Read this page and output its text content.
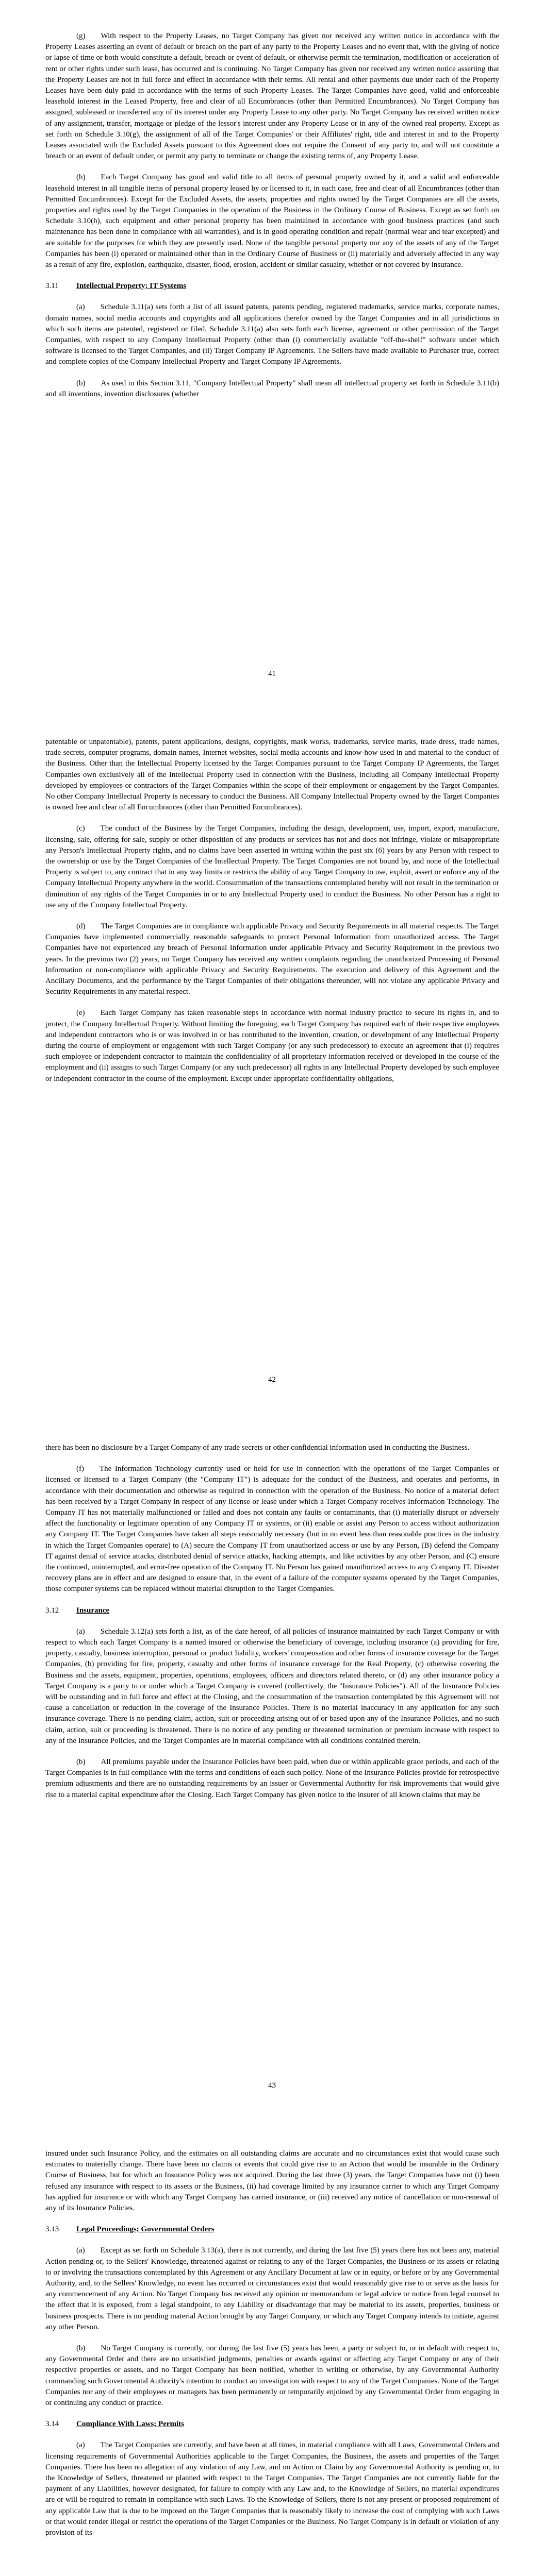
(g)  With respect to the Property Leases, no Target Company has given nor received any written notice in accordance with the Property Leases asserting an event of default or breach on the part of any party to the Property Leases and no event that, with the giving of notice or lapse of time or both would constitute a default, breach or event of default, or otherwise permit the termination, modification or acceleration of rent or other rights under such lease, has occurred and is continuing. No Target Company has given nor received any written notice asserting that the Property Leases are not in full force and effect in accordance with their terms. All rental and other payments due under each of the Property Leases have been duly paid in accordance with the terms of such Property Leases. The Target Companies have good, valid and enforceable leasehold interest in the Leased Property, free and clear of all Encumbrances (other than Permitted Encumbrances). No Target Company has assigned, subleased or transferred any of its interest under any Property Lease to any other party. No Target Company has received written notice of any assignment, transfer, mortgage or pledge of the lessor's interest under any Property Lease or in any of the owned real property. Except as set forth on Schedule 3.10(g), the assignment of all of the Target Companies' or their Affiliates' right, title and interest in and to the Property Leases associated with the Excluded Assets pursuant to this Agreement does not require the Consent of any party to, and will not constitute a breach or an event of default under, or permit any party to terminate or change the existing terms of, any Property Lease.

(h)  Each Target Company has good and valid title to all items of personal property owned by it, and a valid and enforceable leasehold interest in all tangible items of personal property leased by or licensed to it, in each case, free and clear of all Encumbrances (other than Permitted Encumbrances). Except for the Excluded Assets, the assets, properties and rights owned by the Target Companies are all the assets, properties and rights used by the Target Companies in the operation of the Business in the Ordinary Course of Business. Except as set forth on Schedule 3.10(h), such equipment and other personal property has been maintained in accordance with good business practices (and such maintenance has been done in compliance with all warranties), and is in good operating condition and repair (normal wear and tear excepted) and are suitable for the purposes for which they are presently used. None of the tangible personal property nor any of the assets of any of the Target Companies has been (i) operated or maintained other than in the Ordinary Course of Business or (ii) materially and adversely affected in any way as a result of any fire, explosion, earthquake, disaster, flood, erosion, accident or similar casualty, whether or not covered by insurance.

3.11 Intellectual Property; IT Systems

(a)  Schedule 3.11(a) sets forth a list of all issued patents, patents pending, registered trademarks, service marks, corporate names, domain names, social media accounts and copyrights and all applications therefor owned by the Target Companies and in all jurisdictions in which such items are patented, registered or filed. Schedule 3.11(a) also sets forth each license, agreement or other permission of the Target Companies, with respect to any Company Intellectual Property (other than (i) commercially available "off-the-shelf" software under which software is licensed to the Target Companies, and (ii) Target Company IP Agreements. The Sellers have made available to Purchaser true, correct and complete copies of the Company Intellectual Property and Target Company IP Agreements.

(b)  As used in this Section 3.11, "Company Intellectual Property" shall mean all intellectual property set forth in Schedule 3.11(b) and all inventions, invention disclosures (whether

41

patentable or unpatentable), patents, patent applications, designs, copyrights, mask works, trademarks, service marks, trade dress, trade names, trade secrets, computer programs, domain names, Internet websites, social media accounts and know-how used in and material to the conduct of the Business. Other than the Intellectual Property licensed by the Target Companies pursuant to the Target Company IP Agreements, the Target Companies own exclusively all of the Intellectual Property used in connection with the Business, including all Company Intellectual Property developed by employees or contractors of the Target Companies within the scope of their employment or engagement by the Target Companies. No other Company Intellectual Property is necessary to conduct the Business. All Company Intellectual Property owned by the Target Companies is owned free and clear of all Encumbrances (other than Permitted Encumbrances).

(c)  The conduct of the Business by the Target Companies, including the design, development, use, import, export, manufacture, licensing, sale, offering for sale, supply or other disposition of any products or services has not and does not infringe, violate or misappropriate any Person's Intellectual Property rights, and no claims have been asserted in writing within the past six (6) years by any Person with respect to the ownership or use by the Target Companies of the Intellectual Property. The Target Companies are not bound by, and none of the Intellectual Property is subject to, any contract that in any way limits or restricts the ability of any Target Company to use, exploit, assert or enforce any of the Company Intellectual Property anywhere in the world. Consummation of the transactions contemplated hereby will not result in the termination or diminution of any rights of the Target Companies in or to any Intellectual Property used to conduct the Business. No other Person has a right to use any of the Company Intellectual Property.

(d)  The Target Companies are in compliance with applicable Privacy and Security Requirements in all material respects. The Target Companies have implemented commercially reasonable safeguards to protect Personal Information from unauthorized access. The Target Companies have not experienced any breach of Personal Information under applicable Privacy and Security Requirement in the previous two years. In the previous two (2) years, no Target Company has received any written complaints regarding the unauthorized Processing of Personal Information or non-compliance with applicable Privacy and Security Requirements. The execution and delivery of this Agreement and the Ancillary Documents, and the performance by the Target Companies of their obligations thereunder, will not violate any applicable Privacy and Security Requirements in any material respect.

(e)  Each Target Company has taken reasonable steps in accordance with normal industry practice to secure its rights in, and to protect, the Company Intellectual Property. Without limiting the foregoing, each Target Company has required each of their respective employees and independent contractors who is or was involved in or has contributed to the invention, creation, or development of any Intellectual Property during the course of employment or engagement with such Target Company (or any such predecessor) to execute an agreement that (i) requires such employee or independent contractor to maintain the confidentiality of all proprietary information received or developed in the course of the employment and (ii) assigns to such Target Company (or any such predecessor) all rights in any Intellectual Property developed by such employee or independent contractor in the course of the employment. Except under appropriate confidentiality obligations,

42

there has been no disclosure by a Target Company of any trade secrets or other confidential information used in conducting the Business.

(f)  The Information Technology currently used or held for use in connection with the operations of the Target Companies or licensed or licensed to a Target Company (the "Company IT") is adequate for the conduct of the Business, and operates and performs, in accordance with their documentation and otherwise as required in connection with the operation of the Business. No notice of a material defect has been received by a Target Company in respect of any license or lease under which a Target Company receives Information Technology. The Company IT has not materially malfunctioned or failed and does not contain any faults or contaminants, that (i) materially disrupt or adversely affect the functionality or legitimate operation of any Company IT or systems, or (ii) enable or assist any Person to access without authorization any Company IT. The Target Companies have taken all steps reasonably necessary (but in no event less than reasonable practices in the industry in which the Target Companies operate) to (A) secure the Company IT from unauthorized access or use by any Person, (B) defend the Company IT against denial of service attacks, distributed denial of service attacks, hacking attempts, and like activities by any other Person, and (C) ensure the continued, uninterrupted, and error-free operation of the Company IT. No Person has gained unauthorized access to any Company IT. Disaster recovery plans are in effect and are designed to ensure that, in the event of a failure of the computer systems operated by the Target Companies, those computer systems can be replaced without material disruption to the Target Companies.

3.12 Insurance

(a)  Schedule 3.12(a) sets forth a list, as of the date hereof, of all policies of insurance maintained by each Target Company or with respect to which each Target Company is a named insured or otherwise the beneficiary of coverage, including insurance (a) providing for fire, property, casualty, business interruption, personal or product liability, workers' compensation and other forms of insurance coverage for the Target Companies, (b) providing for fire, property, casualty and other forms of insurance coverage for the Real Property, (c) otherwise covering the Business and the assets, equipment, properties, operations, employees, officers and directors related thereto, or (d) any other insurance policy a Target Company is a party to or under which a Target Company is covered (collectively, the "Insurance Policies"). All of the Insurance Policies will be outstanding and in full force and effect at the Closing, and the consummation of the transaction contemplated by this Agreement will not cause a cancellation or reduction in the coverage of the Insurance Policies. There is no material inaccuracy in any application for any such insurance coverage. There is no pending claim, action, suit or proceeding arising out of or based upon any of the Insurance Policies, and no such claim, action, suit or proceeding is threatened. There is no notice of any pending or threatened termination or premium increase with respect to any of the Insurance Policies, and the Target Companies are in material compliance with all conditions contained therein.

(b)  All premiums payable under the Insurance Policies have been paid, when due or within applicable grace periods, and each of the Target Companies is in full compliance with the terms and conditions of each such policy. None of the Insurance Policies provide for retrospective premium adjustments and there are no outstanding requirements by an issuer or Governmental Authority for risk improvements that would give rise to a material capital expenditure after the Closing. Each Target Company has given notice to the insurer of all known claims that may be

43

insured under such Insurance Policy, and the estimates on all outstanding claims are accurate and no circumstances exist that would cause such estimates to materially change. There have been no claims or events that could give rise to an Action that would be insurable in the Ordinary Course of Business, but for which an Insurance Policy was not acquired. During the last three (3) years, the Target Companies have not (i) been refused any insurance with respect to its assets or the Business, (ii) had coverage limited by any insurance carrier to which any Target Company has applied for insurance or with which any Target Company has carried insurance, or (iii) received any notice of cancellation or non-renewal of any of its Insurance Policies.

3.13 Legal Proceedings; Governmental Orders

(a)  Except as set forth on Schedule 3.13(a), there is not currently, and during the last five (5) years there has not been any, material Action pending or, to the Sellers' Knowledge, threatened against or relating to any of the Target Companies, the Business or its assets or relating to or involving the transactions contemplated by this Agreement or any Ancillary Document at law or in equity, or before or by any Governmental Authority, and, to the Sellers' Knowledge, no event has occurred or circumstances exist that would reasonably give rise to or serve as the basis for any commencement of any Action. No Target Company has received any opinion or memorandum or legal advice or notice from legal counsel to the effect that it is exposed, from a legal standpoint, to any Liability or disadvantage that may be material to its assets, properties, business or business prospects. There is no pending material Action brought by any Target Company, or which any Target Company intends to initiate, against any other Person.

(b)  No Target Company is currently, nor during the last five (5) years has been, a party or subject to, or in default with respect to, any Governmental Order and there are no unsatisfied judgments, penalties or awards against or affecting any Target Company or any of their respective properties or assets, and no Target Company has been notified, whether in writing or otherwise, by any Governmental Authority commanding such Governmental Authority's intention to conduct an investigation with respect to any of the Target Companies. None of the Target Companies nor any of their employees or managers has been permanently or temporarily enjoined by any Governmental Order from engaging in or continuing any conduct or practice.

3.14 Compliance With Laws; Permits

(a)  The Target Companies are currently, and have been at all times, in material compliance with all Laws, Governmental Orders and licensing requirements of Governmental Authorities applicable to the Target Companies, the Business, the assets and properties of the Target Companies. There has been no allegation of any violation of any Law, and no Action or Claim by any Governmental Authority is pending or, to the Knowledge of Sellers, threatened or planned with respect to the Target Companies. The Target Companies are not currently liable for the payment of any Liabilities, however designated, for failure to comply with any Law and, to the Knowledge of Sellers, no material expenditures are or will be required to remain in compliance with such Laws. To the Knowledge of Sellers, there is not any present or proposed requirement of any applicable Law that is due to be imposed on the Target Companies that is reasonably likely to increase the cost of complying with such Laws or that would render illegal or restrict the operations of the Target Companies or the Business. No Target Company is in default or violation of any provision of its
